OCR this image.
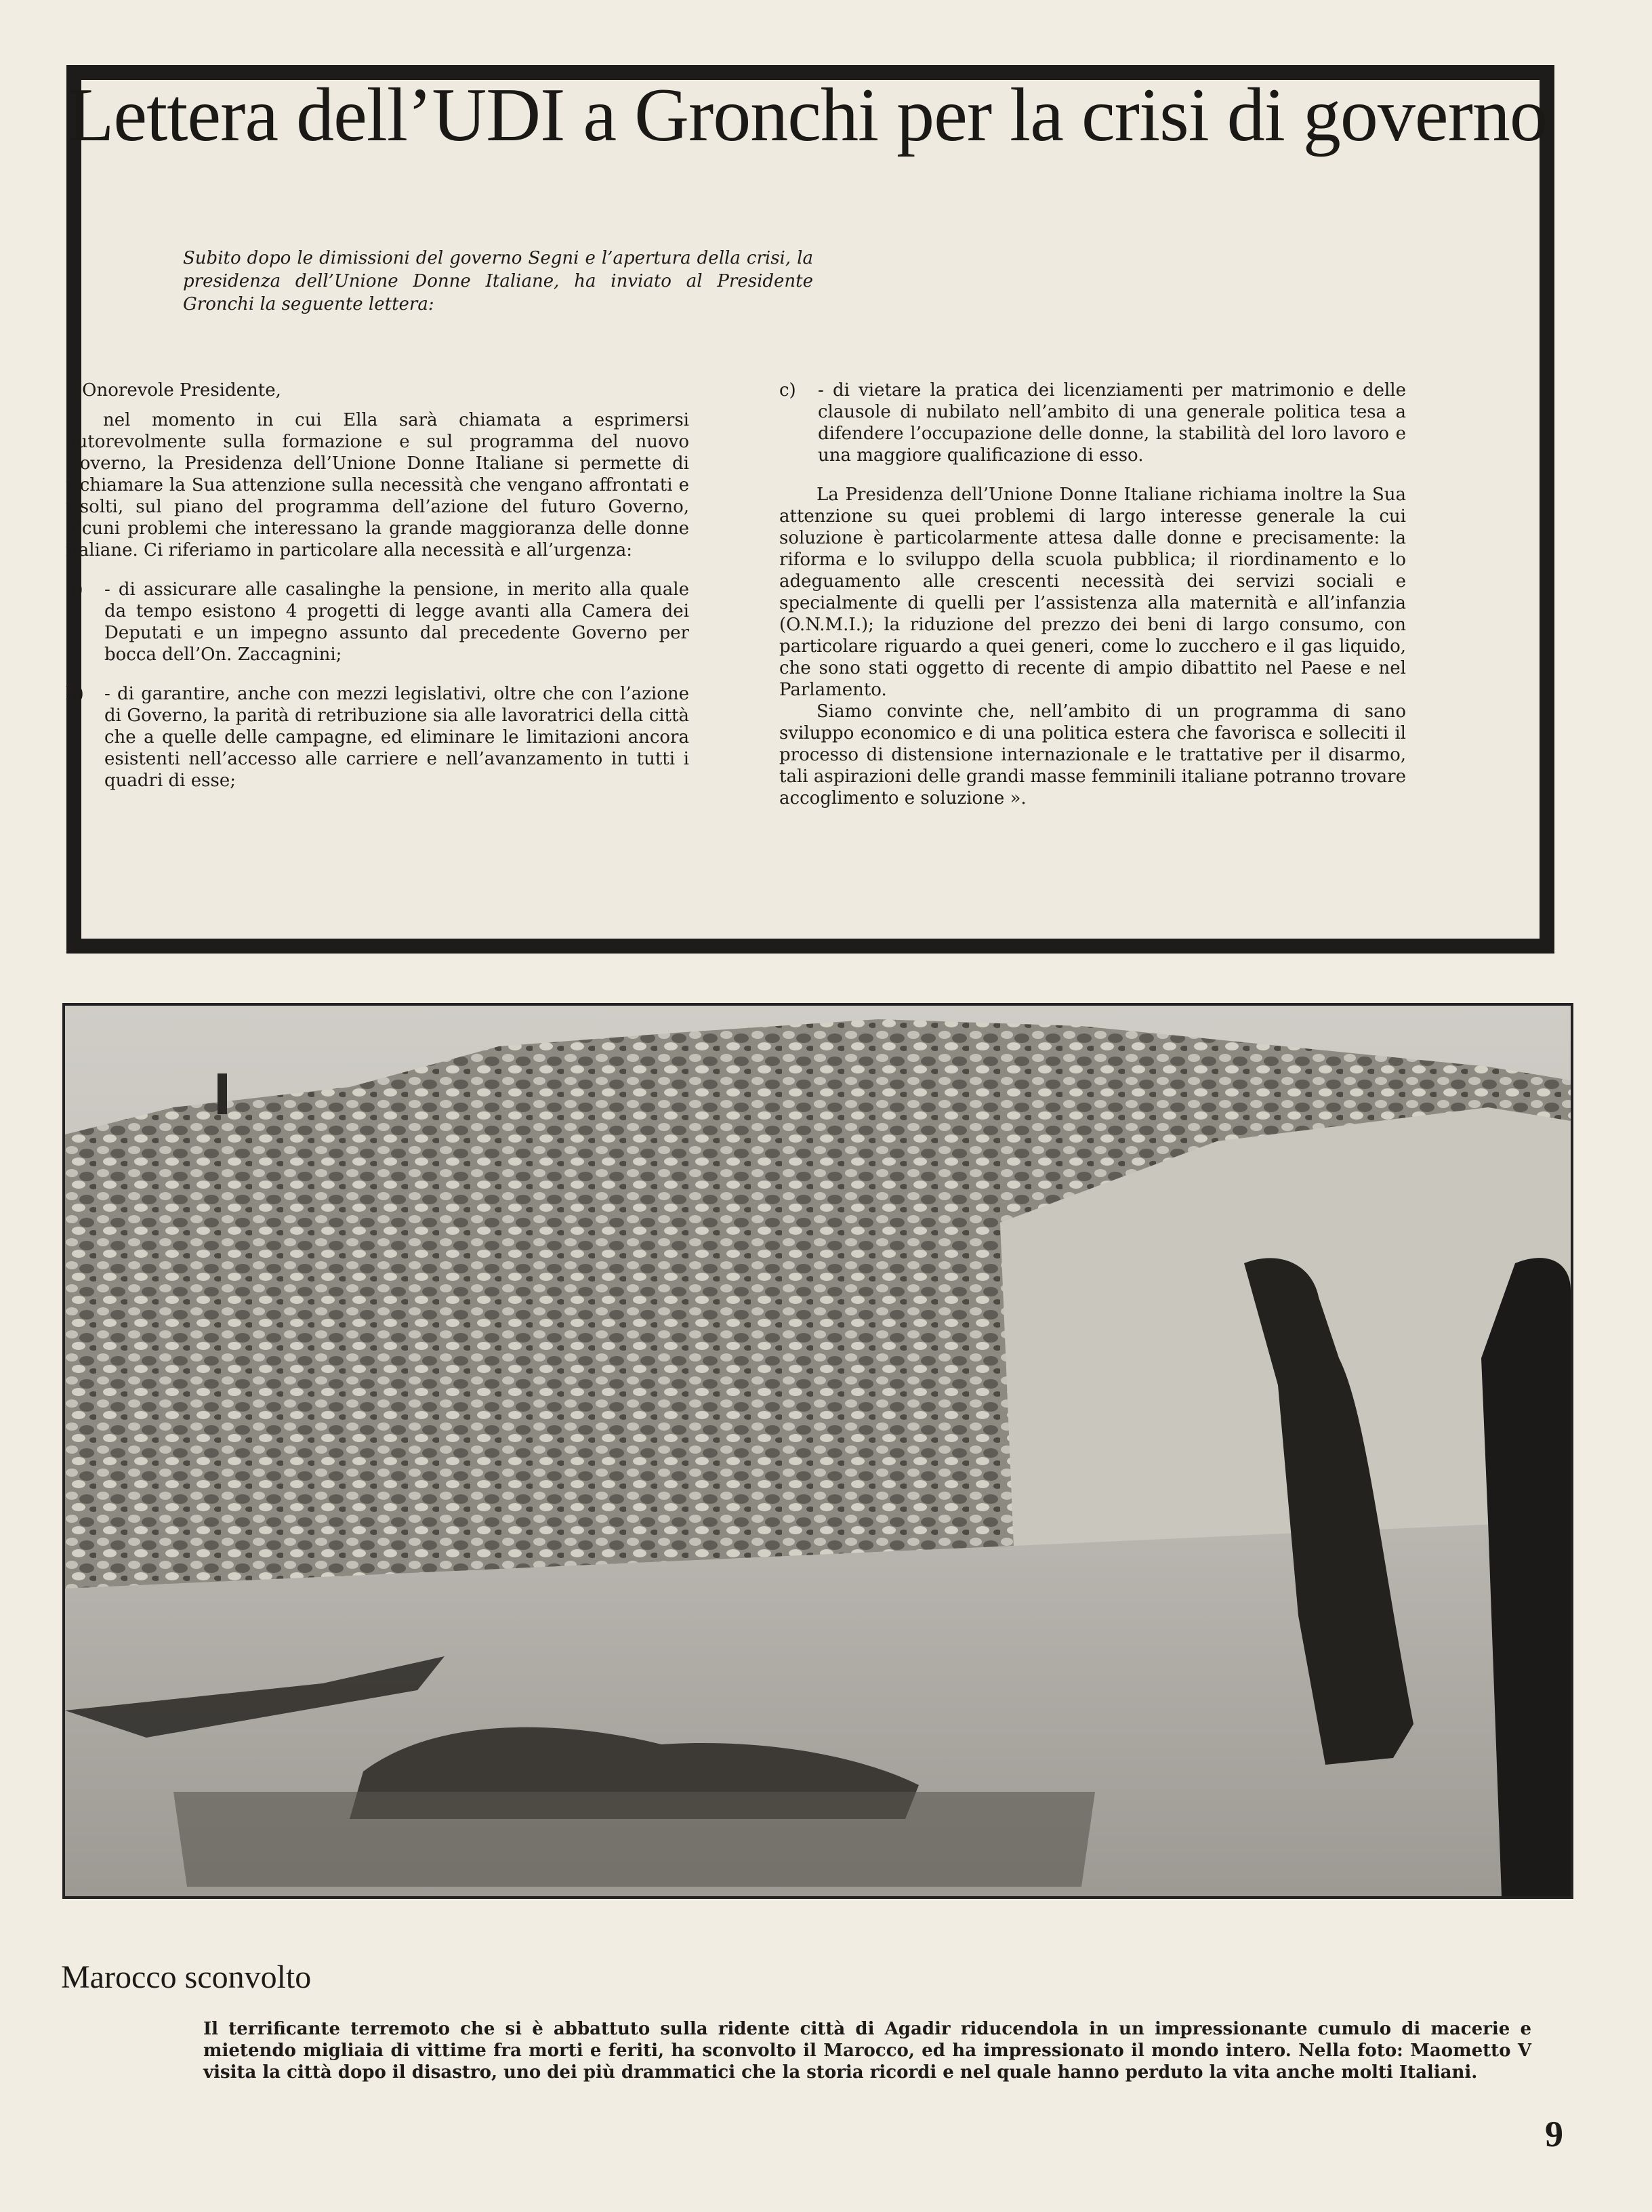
Lettera dell’UDI a Gronchi per la crisi di governo

Subito dopo le dimissioni del governo Segni e l’apertura della crisi, la presidenza dell’Unione Donne Italiane, ha inviato al Presidente Gronchi la seguente lettera:

« Onorevole Presidente,

nel momento in cui Ella sarà chiamata a esprimersi autorevolmente sulla formazione e sul programma del nuovo Governo, la Presidenza dell’Unione Donne Italiane si permette di richiamare la Sua attenzione sulla necessità che vengano affrontati e risolti, sul piano del programma dell’azione del futuro Governo, alcuni problemi che interessano la grande maggioranza delle donne italiane. Ci riferiamo in particolare alla necessità e all’urgenza:

a) - di assicurare alle casalinghe la pensione, in merito alla quale da tempo esistono 4 progetti di legge avanti alla Camera dei Deputati e un impegno assunto dal precedente Governo per bocca dell’On. Zaccagnini;

b) - di garantire, anche con mezzi legislativi, oltre che con l’azione di Governo, la parità di retribuzione sia alle lavoratrici della città che a quelle delle campagne, ed eliminare le limitazioni ancora esistenti nell’accesso alle carriere e nell’avanzamento in tutti i quadri di esse;

c) - di vietare la pratica dei licenziamenti per matrimonio e delle clausole di nubilato nell’ambito di una generale politica tesa a difendere l’occupazione delle donne, la stabilità del loro lavoro e una maggiore qualificazione di esso.

La Presidenza dell’Unione Donne Italiane richiama inoltre la Sua attenzione su quei problemi di largo interesse generale la cui soluzione è particolarmente attesa dalle donne e precisamente: la riforma e lo sviluppo della scuola pubblica; il riordinamento e lo adeguamento alle crescenti necessità dei servizi sociali e specialmente di quelli per l’assistenza alla maternità e all’infanzia (O.N.M.I.); la riduzione del prezzo dei beni di largo consumo, con particolare riguardo a quei generi, come lo zucchero e il gas liquido, che sono stati oggetto di recente di ampio dibattito nel Paese e nel Parlamento.

Siamo convinte che, nell’ambito di un programma di sano sviluppo economico e di una politica estera che favorisca e solleciti il processo di distensione internazionale e le trattative per il disarmo, tali aspirazioni delle grandi masse femminili italiane potranno trovare accoglimento e soluzione ».

Marocco sconvolto

Il terrificante terremoto che si è abbattuto sulla ridente città di Agadir riducendola in un impressionante cumulo di macerie e mietendo migliaia di vittime fra morti e feriti, ha sconvolto il Marocco, ed ha impressionato il mondo intero. Nella foto: Maometto V visita la città dopo il disastro, uno dei più drammatici che la storia ricordi e nel quale hanno perduto la vita anche molti Italiani.

9
